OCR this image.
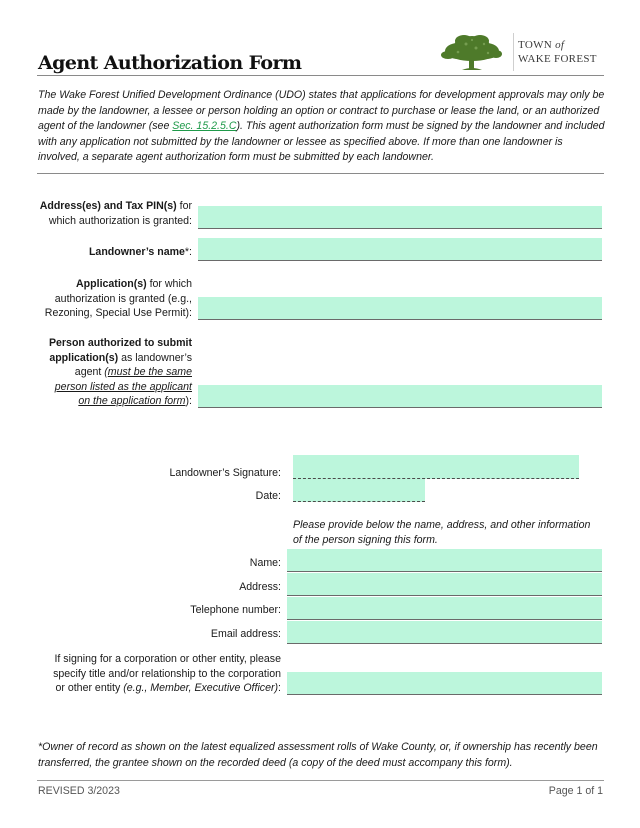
Agent Authorization Form
TOWN of
WAKE FOREST
The Wake Forest Unified Development Ordinance (UDO) states that applications for development approvals may only be made by the landowner, a lessee or person holding an option or contract to purchase or lease the land, or an authorized agent of the landowner (see Sec. 15.2.5.C). This agent authorization form must be signed by the landowner and included with any application not submitted by the landowner or lessee as specified above. If more than one landowner is involved, a separate agent authorization form must be submitted by each landowner.
Address(es) and Tax PIN(s) for
which authorization is granted:
Landowner’s name*:
Application(s) for which
authorization is granted (e.g.,
Rezoning, Special Use Permit):
Person authorized to submit
application(s) as landowner’s
agent (must be the same
person listed as the applicant
on the application form):
Landowner’s Signature:
Date:
Please provide below the name, address, and other information of the person signing this form.
Name:
Address:
Telephone number:
Email address:
If signing for a corporation or other entity, please
specify title and/or relationship to the corporation
or other entity (e.g., Member, Executive Officer):
*Owner of record as shown on the latest equalized assessment rolls of Wake County, or, if ownership has recently been transferred, the grantee shown on the recorded deed (a copy of the deed must accompany this form).
REVISED 3/2023	Page 1 of 1
